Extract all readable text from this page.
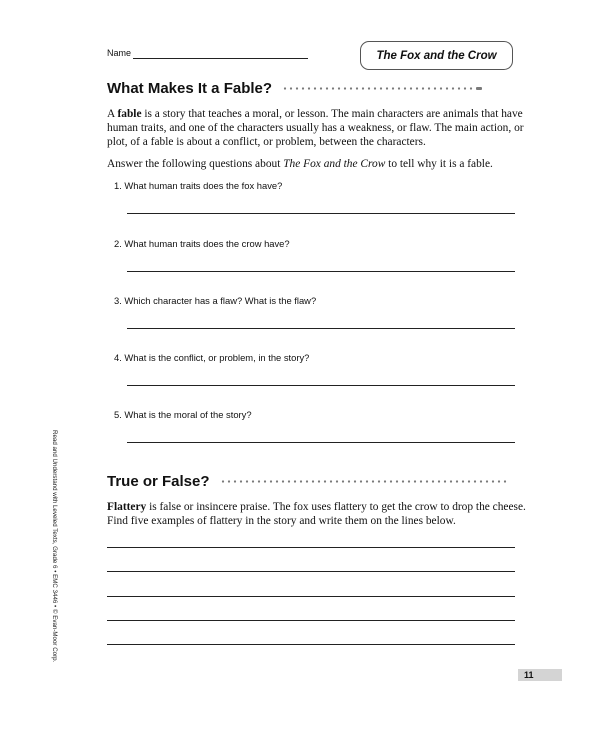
Name	The Fox and the Crow
What Makes It a Fable?

A fable is a story that teaches a moral, or lesson. The main characters are animals that have human traits, and one of the characters usually has a weakness, or flaw. The main action, or plot, of a fable is about a conflict, or problem, between the characters.

Answer the following questions about The Fox and the Crow to tell why it is a fable.

1. What human traits does the fox have?
2. What human traits does the crow have?
3. Which character has a flaw? What is the flaw?
4. What is the conflict, or problem, in the story?
5. What is the moral of the story?
True or False?

Flattery is false or insincere praise. The fox uses flattery to get the crow to drop the cheese. Find five examples of flattery in the story and write them on the lines below.

Read and Understand with Leveled Texts, Grade 6 • EMC 3446 • © Evan-Moor Corp.
11
